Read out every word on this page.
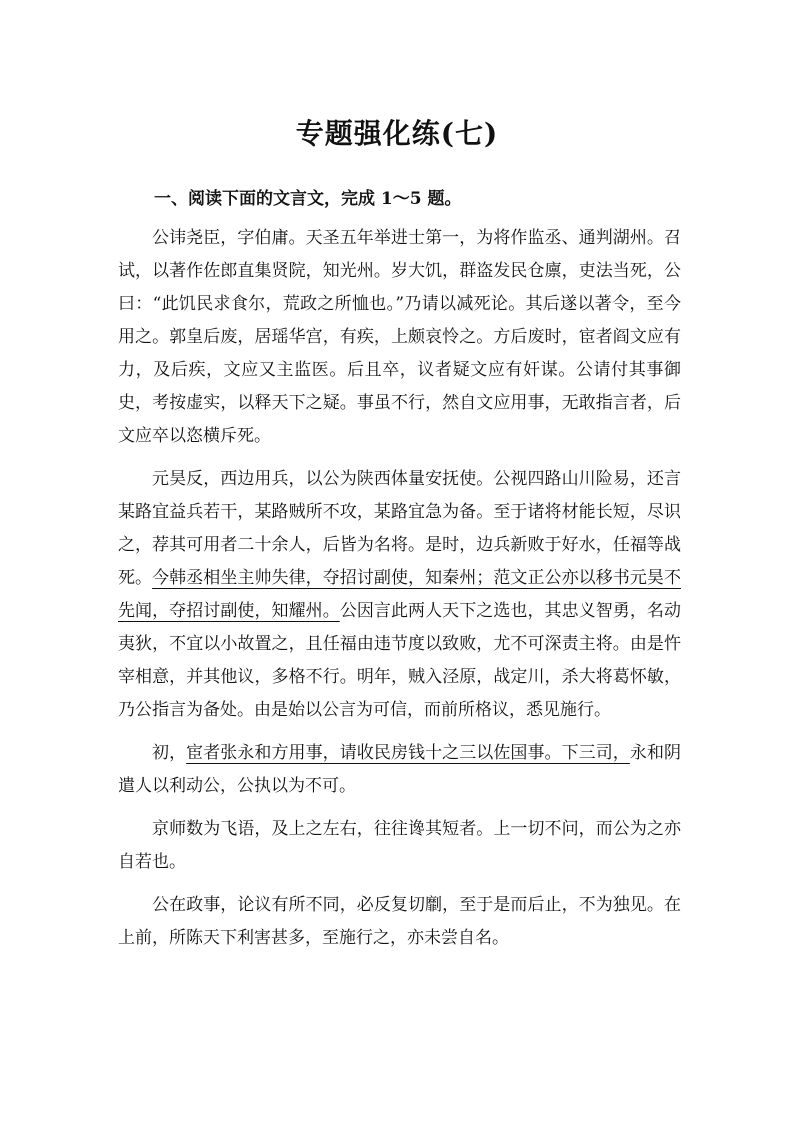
专题强化练(七)
一、阅读下面的文言文，完成 1～5 题。

公讳尧臣，字伯庸。天圣五年举进士第一，为将作监丞、通判湖州。召试，以著作佐郎直集贤院，知光州。岁大饥，群盗发民仓廪，吏法当死，公曰：“此饥民求食尔，荒政之所恤也。”乃请以减死论。其后遂以著令，至今用之。郭皇后废，居瑶华宫，有疾，上颇哀怜之。方后废时，宦者阎文应有力，及后疾，文应又主监医。后且卒，议者疑文应有奸谋。公请付其事御史，考按虚实，以释天下之疑。事虽不行，然自文应用事，无敢指言者，后文应卒以恣横斥死。

元昊反，西边用兵，以公为陕西体量安抚使。公视四路山川险易，还言某路宜益兵若干，某路贼所不攻，某路宜急为备。至于诸将材能长短，尽识之，荐其可用者二十余人，后皆为名将。是时，边兵新败于好水，任福等战死。今韩丞相坐主帅失律，夺招讨副使，知秦州；范文正公亦以移书元昊不先闻，夺招讨副使，知耀州。公因言此两人天下之选也，其忠义智勇，名动夷狄，不宜以小故置之，且任福由违节度以致败，尤不可深责主将。由是忤宰相意，并其他议，多格不行。明年，贼入泾原，战定川，杀大将葛怀敏，乃公指言为备处。由是始以公言为可信，而前所格议，悉见施行。

初，宦者张永和方用事，请收民房钱十之三以佐国事。下三司，永和阴遣人以利动公，公执以为不可。

京师数为飞语，及上之左右，往往谗其短者。上一切不问，而公为之亦自若也。

公在政事，论议有所不同，必反复切劘，至于是而后止，不为独见。在上前，所陈天下利害甚多，至施行之，亦未尝自名。
